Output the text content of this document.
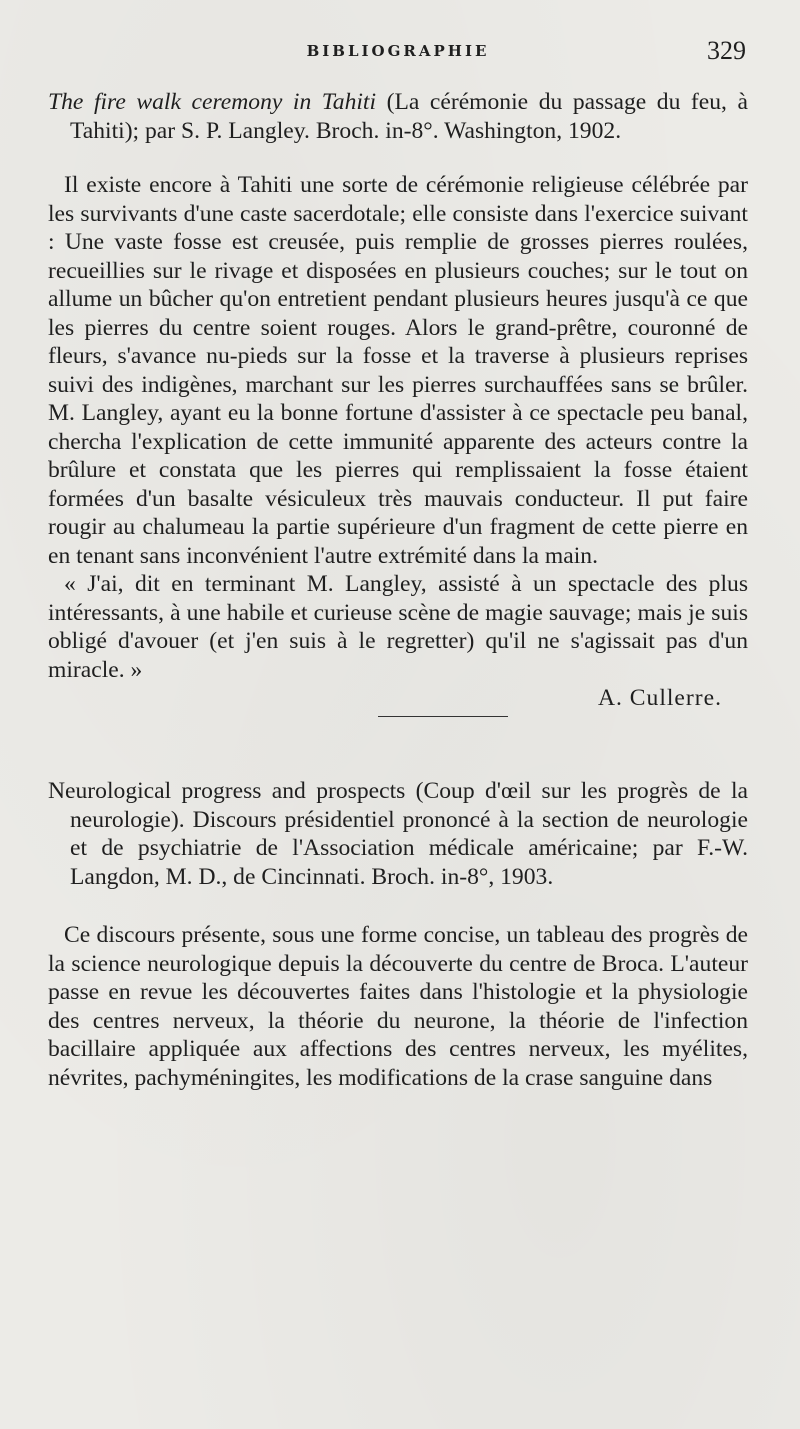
BIBLIOGRAPHIE	329
The fire walk ceremony in Tahiti (La cérémonie du passage du feu, à Tahiti); par S. P. Langley. Broch. in-8°. Washington, 1902.

Il existe encore à Tahiti une sorte de cérémonie religieuse célébrée par les survivants d'une caste sacerdotale; elle consiste dans l'exercice suivant : Une vaste fosse est creusée, puis remplie de grosses pierres roulées, recueillies sur le rivage et disposées en plusieurs couches; sur le tout on allume un bûcher qu'on entretient pendant plusieurs heures jusqu'à ce que les pierres du centre soient rouges. Alors le grand-prêtre, couronné de fleurs, s'avance nu-pieds sur la fosse et la traverse à plusieurs reprises suivi des indigènes, marchant sur les pierres surchauffées sans se brûler. M. Langley, ayant eu la bonne fortune d'assister à ce spectacle peu banal, chercha l'explication de cette immunité apparente des acteurs contre la brûlure et constata que les pierres qui remplissaient la fosse étaient formées d'un basalte vésiculeux très mauvais conducteur. Il put faire rougir au chalumeau la partie supérieure d'un fragment de cette pierre en en tenant sans inconvénient l'autre extrémité dans la main.

« J'ai, dit en terminant M. Langley, assisté à un spectacle des plus intéressants, à une habile et curieuse scène de magie sauvage; mais je suis obligé d'avouer (et j'en suis à le regretter) qu'il ne s'agissait pas d'un miracle. »

A. Cullerre.
Neurological progress and prospects (Coup d'œil sur les progrès de la neurologie). Discours présidentiel prononcé à la section de neurologie et de psychiatrie de l'Association médicale américaine; par F.-W. Langdon, M. D., de Cincinnati. Broch. in-8°, 1903.

Ce discours présente, sous une forme concise, un tableau des progrès de la science neurologique depuis la découverte du centre de Broca. L'auteur passe en revue les découvertes faites dans l'histologie et la physiologie des centres nerveux, la théorie du neurone, la théorie de l'infection bacillaire appliquée aux affections des centres nerveux, les myélites, névrites, pachyméningites, les modifications de la crase sanguine dans
